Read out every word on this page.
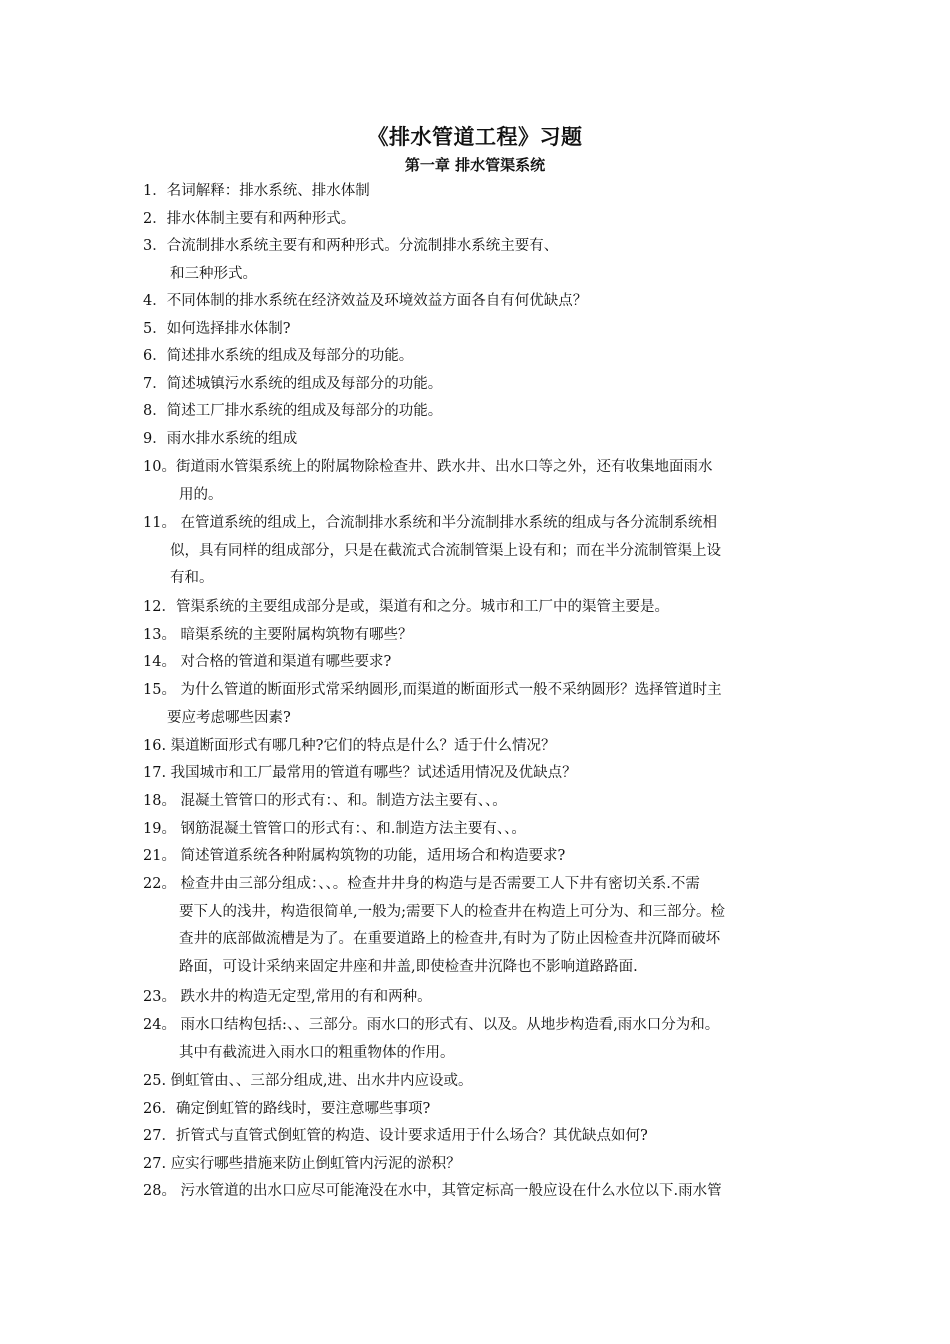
《排水管道工程》习题
第一章 排水管渠系统
1．名词解释：排水系统、排水体制
2．排水体制主要有和两种形式。
3．合流制排水系统主要有和两种形式。分流制排水系统主要有、
和三种形式。
4．不同体制的排水系统在经济效益及环境效益方面各自有何优缺点？
5．如何选择排水体制?
6．简述排水系统的组成及每部分的功能。
7．简述城镇污水系统的组成及每部分的功能。
8．简述工厂排水系统的组成及每部分的功能。
9．雨水排水系统的组成
10。街道雨水管渠系统上的附属物除检查井、跌水井、出水口等之外，还有收集地面雨水
用的。
11。 在管道系统的组成上，合流制排水系统和半分流制排水系统的组成与各分流制系统相
似，具有同样的组成部分，只是在截流式合流制管渠上设有和；而在半分流制管渠上设
有和。
12．管渠系统的主要组成部分是或，渠道有和之分。城市和工厂中的渠管主要是。
13。 暗渠系统的主要附属构筑物有哪些？
14。 对合格的管道和渠道有哪些要求?
15。 为什么管道的断面形式常采纳圆形,而渠道的断面形式一般不采纳圆形？选择管道时主
要应考虑哪些因素?
16. 渠道断面形式有哪几种?它们的特点是什么？适于什么情况？
17. 我国城市和工厂最常用的管道有哪些？试述适用情况及优缺点？
18。 混凝土管管口的形式有：、和。制造方法主要有、、。
19。 钢筋混凝土管管口的形式有：、和.制造方法主要有、、。
21。 简述管道系统各种附属构筑物的功能，适用场合和构造要求?
22。 检查井由三部分组成：、、。检查井井身的构造与是否需要工人下井有密切关系.不需
要下人的浅井，构造很简单,一般为;需要下人的检查井在构造上可分为、和三部分。检
查井的底部做流槽是为了。在重要道路上的检查井,有时为了防止因检查井沉降而破坏
路面，可设计采纳来固定井座和井盖,即使检查井沉降也不影响道路路面.
23。 跌水井的构造无定型,常用的有和两种。
24。 雨水口结构包括:、、三部分。雨水口的形式有、以及。从地步构造看,雨水口分为和。
其中有截流进入雨水口的粗重物体的作用。
25. 倒虹管由、、三部分组成,进、出水井内应设或。
26．确定倒虹管的路线时，要注意哪些事项?
27．折管式与直管式倒虹管的构造、设计要求适用于什么场合？其优缺点如何?
27. 应实行哪些措施来防止倒虹管内污泥的淤积？
28。 污水管道的出水口应尽可能淹没在水中，其管定标高一般应设在什么水位以下.雨水管
